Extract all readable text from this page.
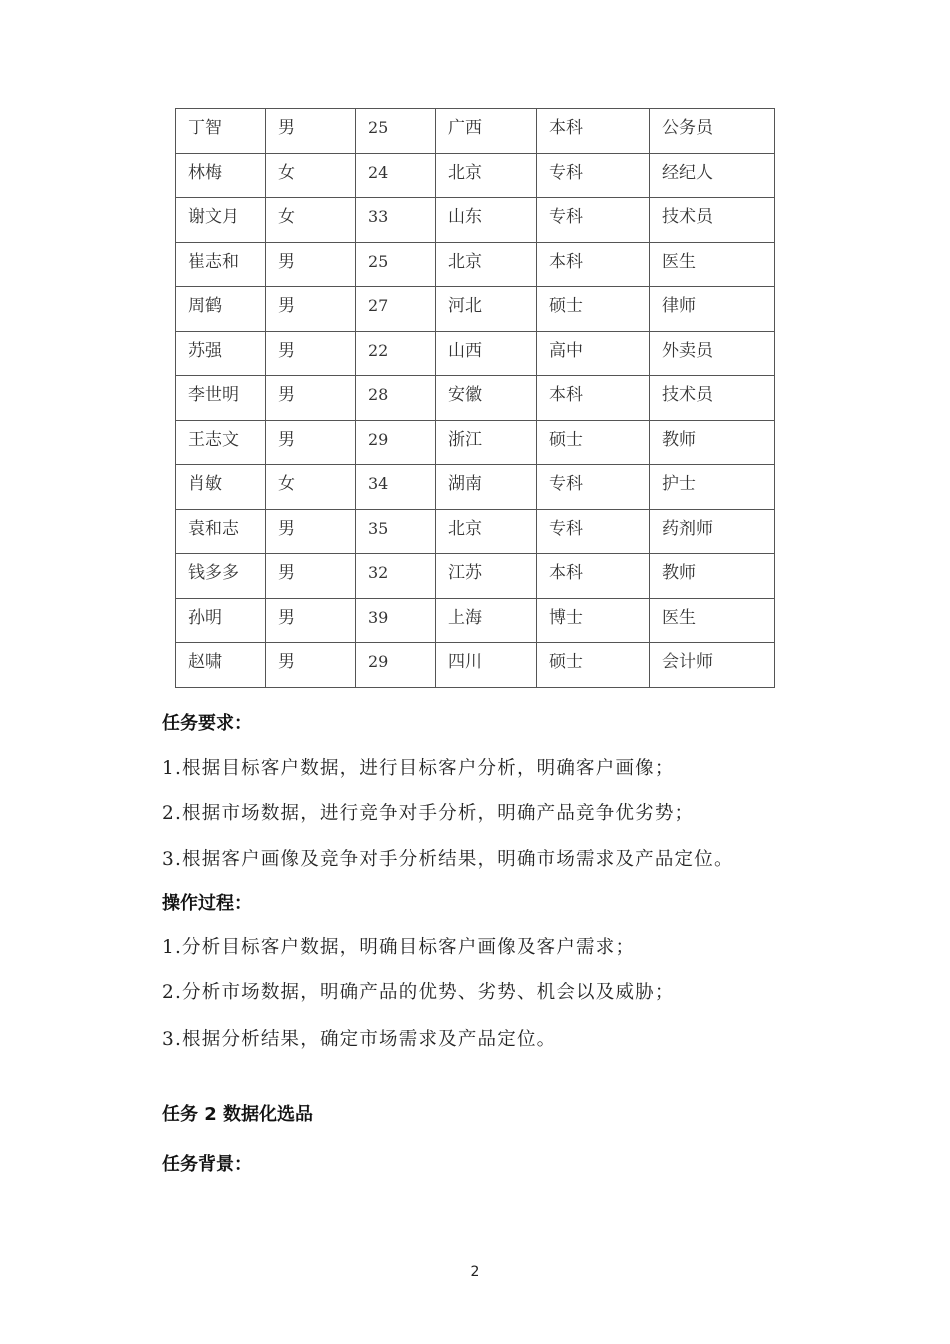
丁智	男	25	广西	本科	公务员
林梅	女	24	北京	专科	经纪人
谢文月	女	33	山东	专科	技术员
崔志和	男	25	北京	本科	医生
周鹤	男	27	河北	硕士	律师
苏强	男	22	山西	高中	外卖员
李世明	男	28	安徽	本科	技术员
王志文	男	29	浙江	硕士	教师
肖敏	女	34	湖南	专科	护士
袁和志	男	35	北京	专科	药剂师
钱多多	男	32	江苏	本科	教师
孙明	男	39	上海	博士	医生
赵啸	男	29	四川	硕士	会计师
任务要求：
1.根据目标客户数据，进行目标客户分析，明确客户画像；
2.根据市场数据，进行竞争对手分析，明确产品竞争优劣势；
3.根据客户画像及竞争对手分析结果，明确市场需求及产品定位。
操作过程：
1.分析目标客户数据，明确目标客户画像及客户需求；
2.分析市场数据，明确产品的优势、劣势、机会以及威胁；
3.根据分析结果，确定市场需求及产品定位。
任务 2 数据化选品
任务背景：
2
